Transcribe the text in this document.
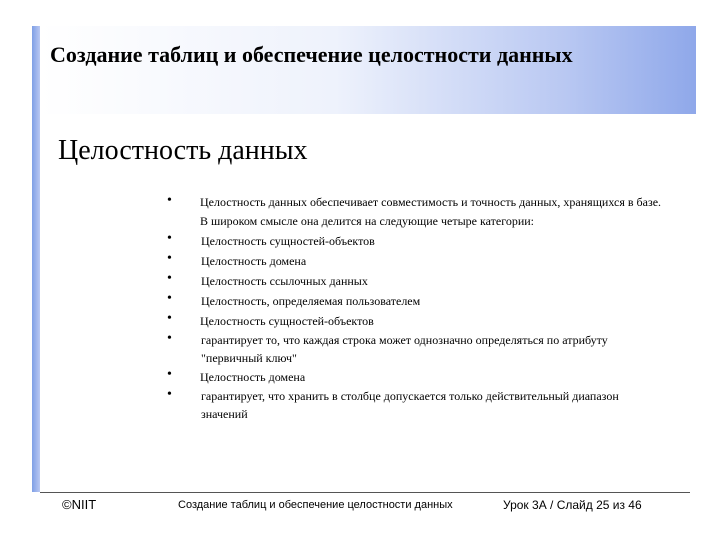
Создание таблиц и обеспечение целостности данных
Целостность данных
• Целостность данных обеспечивает совместимость и точность данных, хранящихся в базе. В широком смысле она делится на следующие четыре категории:
• Целостность сущностей-объектов
• Целостность домена
• Целостность ссылочных данных
• Целостность, определяемая пользователем
• Целостность сущностей-объектов
• гарантирует то, что каждая строка может однозначно определяться по атрибуту "первичный ключ"
• Целостность домена
• гарантирует, что хранить в столбце допускается только действительный диапазон значений
©NIIT	Создание таблиц и обеспечение целостности данных	Урок 3А / Слайд 25 из 46
